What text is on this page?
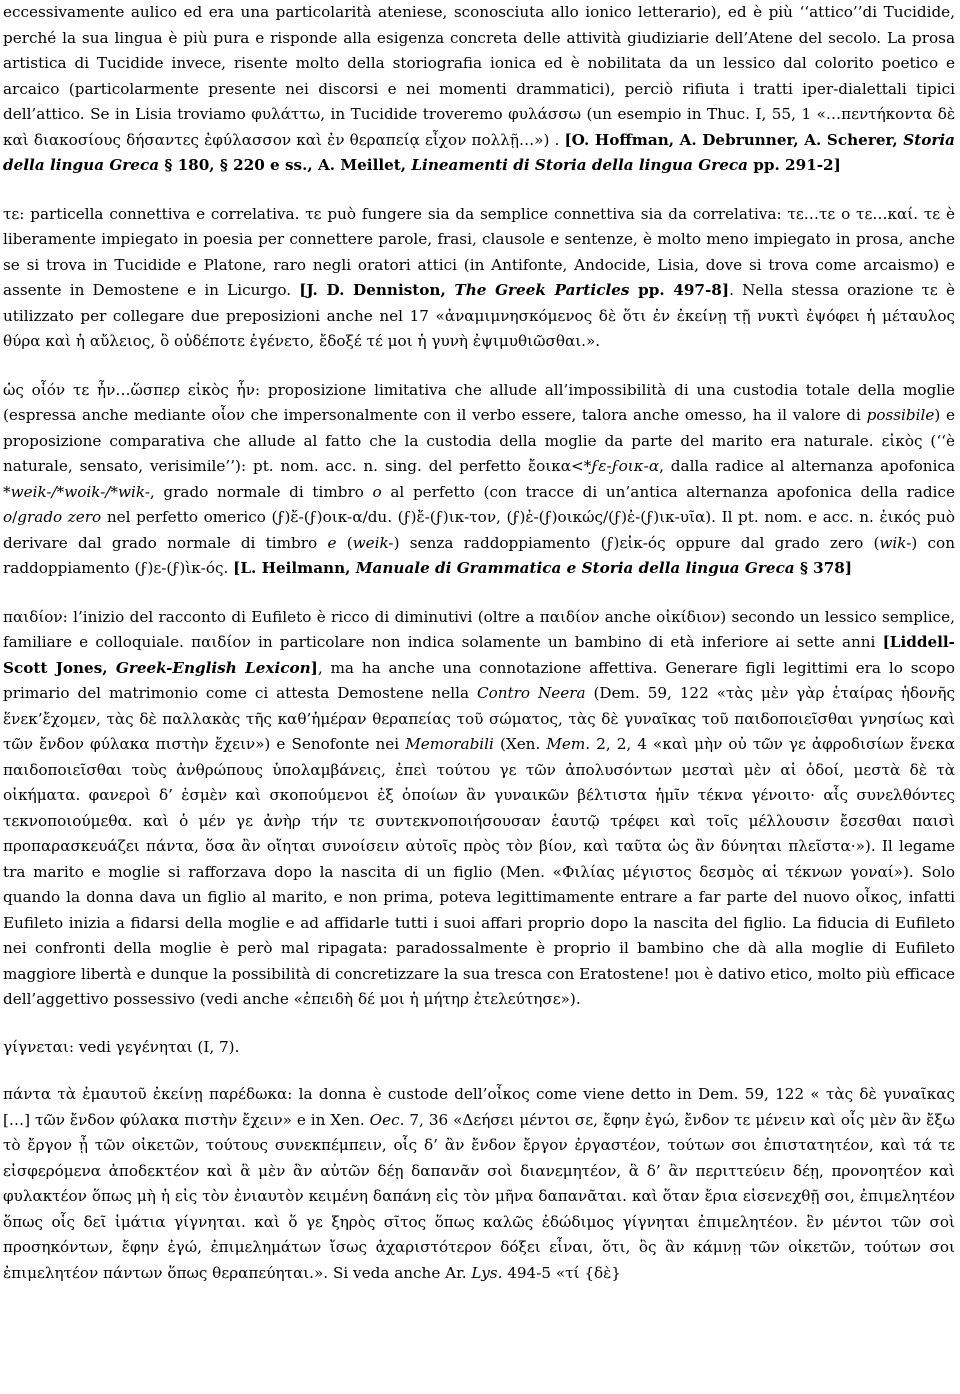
eccessivamente aulico ed era una particolarità ateniese, sconosciuta allo ionico letterario), ed è più ‘‘attico’’di Tucidide, perché la sua lingua è più pura e risponde alla esigenza concreta delle attività giudiziarie dell’Atene del secolo. La prosa artistica di Tucidide invece, risente molto della storiografia ionica ed è nobilitata da un lessico dal colorito poetico e arcaico (particolarmente presente nei discorsi e nei momenti drammatici), perciò rifiuta i tratti iper-dialettali tipici dell’attico. Se in Lisia troviamo φυλάττω, in Tucidide troveremo φυλάσσω (un esempio in Thuc. I, 55, 1 «…πεντήκοντα δὲ καὶ διακοσίους δήσαντες ἐφύλασσον καὶ ἐν θεραπείᾳ εἶχον πολλῇ…») . [O. Hoffman, A. Debrunner, A. Scherer, Storia della lingua Greca § 180, § 220 e ss., A. Meillet, Lineamenti di Storia della lingua Greca pp. 291-2]

τε: particella connettiva e correlativa. τε può fungere sia da semplice connettiva sia da correlativa: τε…τε o τε…καί. τε è liberamente impiegato in poesia per connettere parole, frasi, clausole e sentenze, è molto meno impiegato in prosa, anche se si trova in Tucidide e Platone, raro negli oratori attici (in Antifonte, Andocide, Lisia, dove si trova come arcaismo) e assente in Demostene e in Licurgo. [J. D. Denniston, The Greek Particles pp. 497-8]. Nella stessa orazione τε è utilizzato per collegare due preposizioni anche nel 17 «ἀναμιμνησκόμενος δὲ ὅτι ἐν ἐκείνῃ τῇ νυκτὶ ἐψόφει ἡ μέταυλος θύρα καὶ ἡ αὔλειος, ὃ οὐδέποτε ἐγένετο, ἔδοξέ τέ μοι ἡ γυνὴ ἐψιμυθιῶσθαι.».

ὡς οἷόν τε ἦν…ὥσπερ εἰκὸς ἦν: proposizione limitativa che allude all’impossibilità di una custodia totale della moglie (espressa anche mediante οἷον che impersonalmente con il verbo essere, talora anche omesso, ha il valore di possibile) e proposizione comparativa che allude al fatto che la custodia della moglie da parte del marito era naturale. εἰκὸς (‘‘è naturale, sensato, verisimile’’): pt. nom. acc. n. sing. del perfetto ἔοικα<*ϝε-ϝοικ-α, dalla radice al alternanza apofonica *weik-/*woik-/*wik-, grado normale di timbro o al perfetto (con tracce di un’antica alternanza apofonica della radice o/grado zero nel perfetto omerico (ϝ)ἔ-(ϝ)οικ-α/du. (ϝ)ἔ-(ϝ)ικ-τον, (ϝ)ἐ-(ϝ)οικώς/(ϝ)ἐ-(ϝ)ικ-υῖα). Il pt. nom. e acc. n. ἐικός può derivare dal grado normale di timbro e (weik-) senza raddoppiamento (ϝ)εἰκ-ός oppure dal grado zero (wik-) con raddoppiamento (ϝ)ε-(ϝ)ὶκ-ός. [L. Heilmann, Manuale di Grammatica e Storia della lingua Greca § 378]

παιδίον: l’inizio del racconto di Eufileto è ricco di diminutivi (oltre a παιδίον anche οἰκίδιον) secondo un lessico semplice, familiare e colloquiale. παιδίον in particolare non indica solamente un bambino di età inferiore ai sette anni [Liddell-Scott Jones, Greek-English Lexicon], ma ha anche una connotazione affettiva. Generare figli legittimi era lo scopo primario del matrimonio come ci attesta Demostene nella Contro Neera (Dem. 59, 122 «τὰς μὲν γὰρ ἑταίρας ἡδονῆς ἕνεκ’ἔχομεν, τὰς δὲ παλλακὰς τῆς καθ’ἡμέραν θεραπείας τοῦ σώματος, τὰς δὲ γυναῖκας τοῦ παιδοποιεῖσθαι γνησίως καὶ τῶν ἔνδον φύλακα πιστὴν ἔχειν») e Senofonte nei Memorabili (Xen. Mem. 2, 2, 4 «καὶ μὴν οὐ τῶν γε ἀφροδισίων ἕνεκα παιδοποιεῖσθαι τοὺς ἀνθρώπους ὑπολαμβάνεις, ἐπεὶ τούτου γε τῶν ἀπολυσόντων μεσταὶ μὲν αἱ ὁδοί, μεστὰ δὲ τὰ οἰκήματα. φανεροὶ δ’ ἐσμὲν καὶ σκοπούμενοι ἐξ ὁποίων ἂν γυναικῶν βέλτιστα ἡμῖν τέκνα γένοιτο· αἷς συνελθόντες τεκνοποιούμεθα. καὶ ὁ μέν γε ἀνὴρ τήν τε συντεκνοποιήσουσαν ἑαυτῷ τρέφει καὶ τοῖς μέλλουσιν ἔσεσθαι παισὶ προπαρασκευάζει πάντα, ὅσα ἂν οἴηται συνοίσειν αὐτοῖς πρὸς τὸν βίον, καὶ ταῦτα ὡς ἂν δύνηται πλεῖστα·»). Il legame tra marito e moglie si rafforzava dopo la nascita di un figlio (Men. «Φιλίας μέγιστος δεσμὸς αἱ τέκνων γοναί»). Solo quando la donna dava un figlio al marito, e non prima, poteva legittimamente entrare a far parte del nuovo οἶκος, infatti Eufileto inizia a fidarsi della moglie e ad affidarle tutti i suoi affari proprio dopo la nascita del figlio. La fiducia di Eufileto nei confronti della moglie è però mal ripagata: paradossalmente è proprio il bambino che dà alla moglie di Eufileto maggiore libertà e dunque la possibilità di concretizzare la sua tresca con Eratostene! μοι è dativo etico, molto più efficace dell’aggettivo possessivo (vedi anche «ἐπειδὴ δέ μοι ἡ μήτηρ ἐτελεύτησε»).

γίγνεται: vedi γεγένηται (I, 7).

πάντα τὰ ἐμαυτοῦ ἐκείνῃ παρέδωκα: la donna è custode dell’οἶκος come viene detto in Dem. 59, 122 « τὰς δὲ γυναῖκας […] τῶν ἔνδον φύλακα πιστὴν ἔχειν» e in Xen. Oec. 7, 36 «Δεήσει μέντοι σε, ἔφην ἐγώ, ἔνδον τε μένειν καὶ οἷς μὲν ἂν ἔξω τὸ ἔργον ᾖ τῶν οἰκετῶν, τούτους συνεκπέμπειν, οἷς δ’ ἂν ἔνδον ἔργον ἐργαστέον, τούτων σοι ἐπιστατητέον, καὶ τά τε εἰσφερόμενα ἀποδεκτέον καὶ ἃ μὲν ἂν αὐτῶν δέῃ δαπανᾶν σοὶ διανεμητέον, ἃ δ’ ἂν περιττεύειν δέῃ, προνοητέον καὶ φυλακτέον ὅπως μὴ ἡ εἰς τὸν ἐνιαυτὸν κειμένη δαπάνη εἰς τὸν μῆνα δαπανᾶται. καὶ ὅταν ἔρια εἰσενεχθῇ σοι, ἐπιμελητέον ὅπως οἷς δεῖ ἱμάτια γίγνηται. καὶ ὅ γε ξηρὸς σῖτος ὅπως καλῶς ἐδώδιμος γίγνηται ἐπιμελητέον. ἓν μέντοι τῶν σοὶ προσηκόντων, ἔφην ἐγώ, ἐπιμελημάτων ἴσως ἀχαριστότερον δόξει εἶναι, ὅτι, ὃς ἂν κάμνῃ τῶν οἰκετῶν, τούτων σοι ἐπιμελητέον πάντων ὅπως θεραπεύηται.». Si veda anche Ar. Lys. 494-5 «τί {δὲ}
